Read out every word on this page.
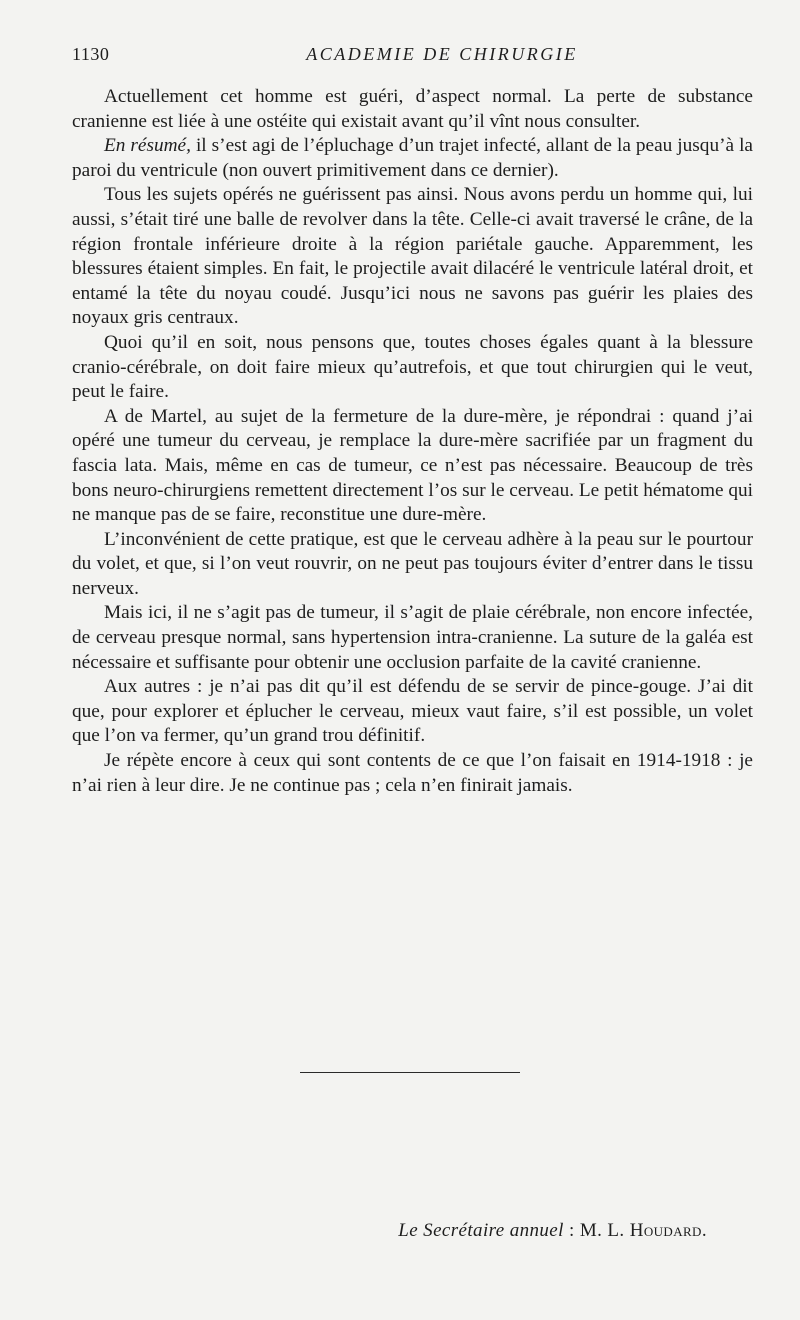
1130	ACADEMIE DE CHIRURGIE

Actuellement cet homme est guéri, d’aspect normal. La perte de substance cranienne est liée à une ostéite qui existait avant qu’il vînt nous consulter.

En résumé, il s’est agi de l’épluchage d’un trajet infecté, allant de la peau jusqu’à la paroi du ventricule (non ouvert primitivement dans ce dernier).

Tous les sujets opérés ne guérissent pas ainsi. Nous avons perdu un homme qui, lui aussi, s’était tiré une balle de revolver dans la tête. Celle-ci avait traversé le crâne, de la région frontale inférieure droite à la région pariétale gauche. Apparemment, les blessures étaient simples. En fait, le projectile avait dilacéré le ventricule latéral droit, et entamé la tête du noyau coudé. Jusqu’ici nous ne savons pas guérir les plaies des noyaux gris centraux.

Quoi qu’il en soit, nous pensons que, toutes choses égales quant à la blessure cranio-cérébrale, on doit faire mieux qu’autrefois, et que tout chirurgien qui le veut, peut le faire.

A de Martel, au sujet de la fermeture de la dure-mère, je répondrai : quand j’ai opéré une tumeur du cerveau, je remplace la dure-mère sacrifiée par un fragment du fascia lata. Mais, même en cas de tumeur, ce n’est pas nécessaire. Beaucoup de très bons neuro-chirurgiens remettent directement l’os sur le cerveau. Le petit hématome qui ne manque pas de se faire, reconstitue une dure-mère.

L’inconvénient de cette pratique, est que le cerveau adhère à la peau sur le pourtour du volet, et que, si l’on veut rouvrir, on ne peut pas toujours éviter d’entrer dans le tissu nerveux.

Mais ici, il ne s’agit pas de tumeur, il s’agit de plaie cérébrale, non encore infectée, de cerveau presque normal, sans hypertension intra-cranienne. La suture de la galéa est nécessaire et suffisante pour obtenir une occlusion parfaite de la cavité cranienne.

Aux autres : je n’ai pas dit qu’il est défendu de se servir de pince-gouge. J’ai dit que, pour explorer et éplucher le cerveau, mieux vaut faire, s’il est possible, un volet que l’on va fermer, qu’un grand trou définitif.

Je répète encore à ceux qui sont contents de ce que l’on faisait en 1914-1918 : je n’ai rien à leur dire. Je ne continue pas ; cela n’en finirait jamais.

Le Secrétaire annuel : M. L. Houdard.
